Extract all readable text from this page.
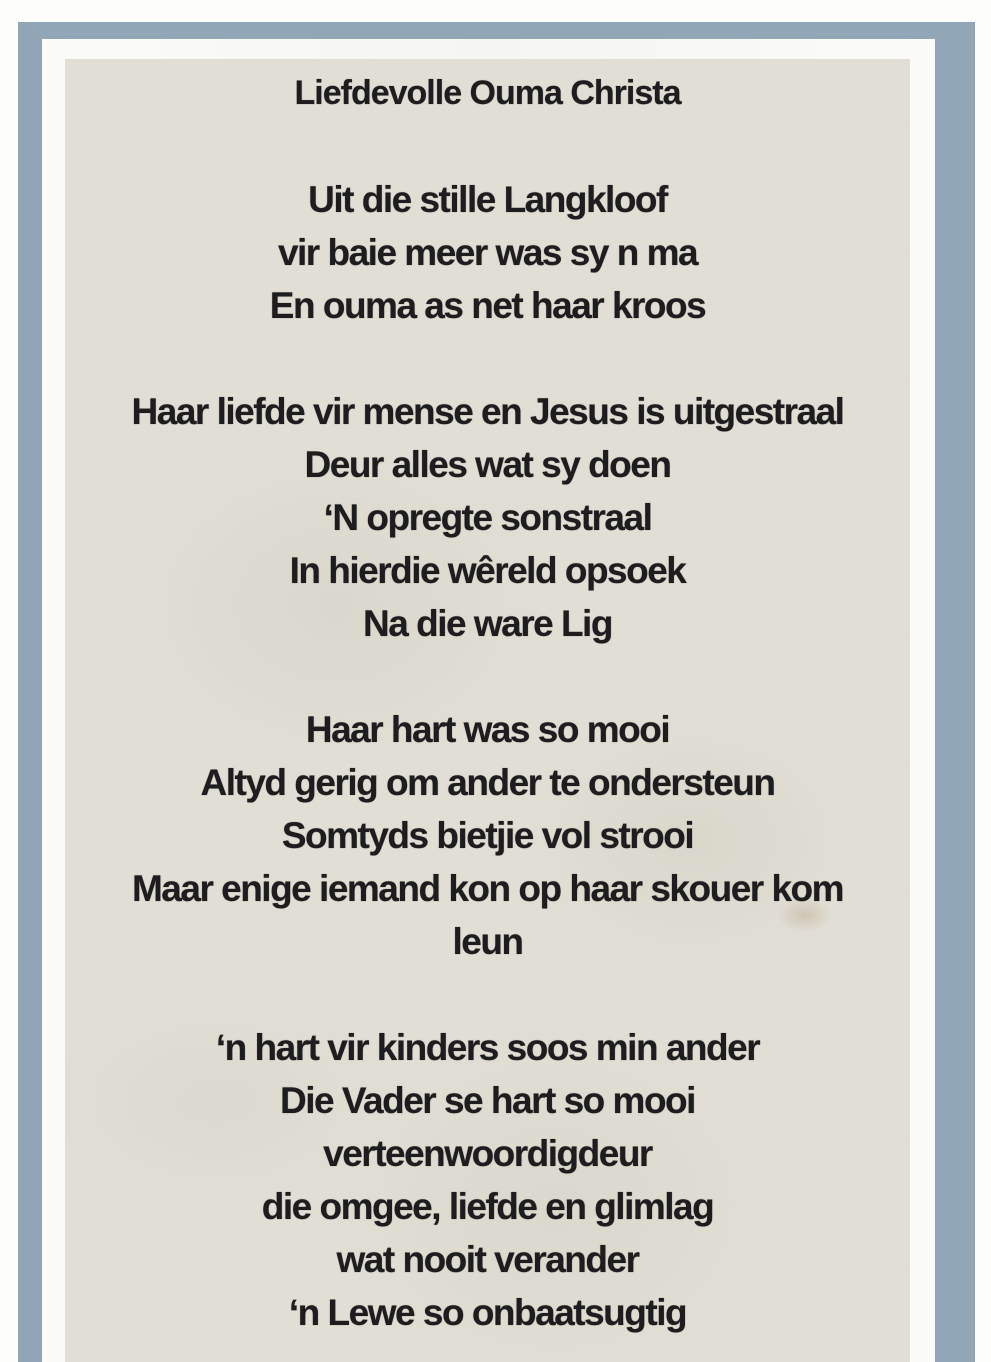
Liefdevolle Ouma Christa
Uit die stille Langkloof
vir baie meer was sy n ma
En ouma as net haar kroos
Haar liefde vir mense en Jesus is uitgestraal
Deur alles wat sy doen
‘N opregte sonstraal
In hierdie wêreld opsoek
Na die ware Lig
Haar hart was so mooi
Altyd gerig om ander te ondersteun
Somtyds bietjie vol strooi
Maar enige iemand kon op haar skouer kom
leun
‘n hart vir kinders soos min ander
Die Vader se hart so mooi
verteenwoordigdeur
die omgee, liefde en glimlag
wat nooit verander
‘n Lewe so onbaatsugtig
